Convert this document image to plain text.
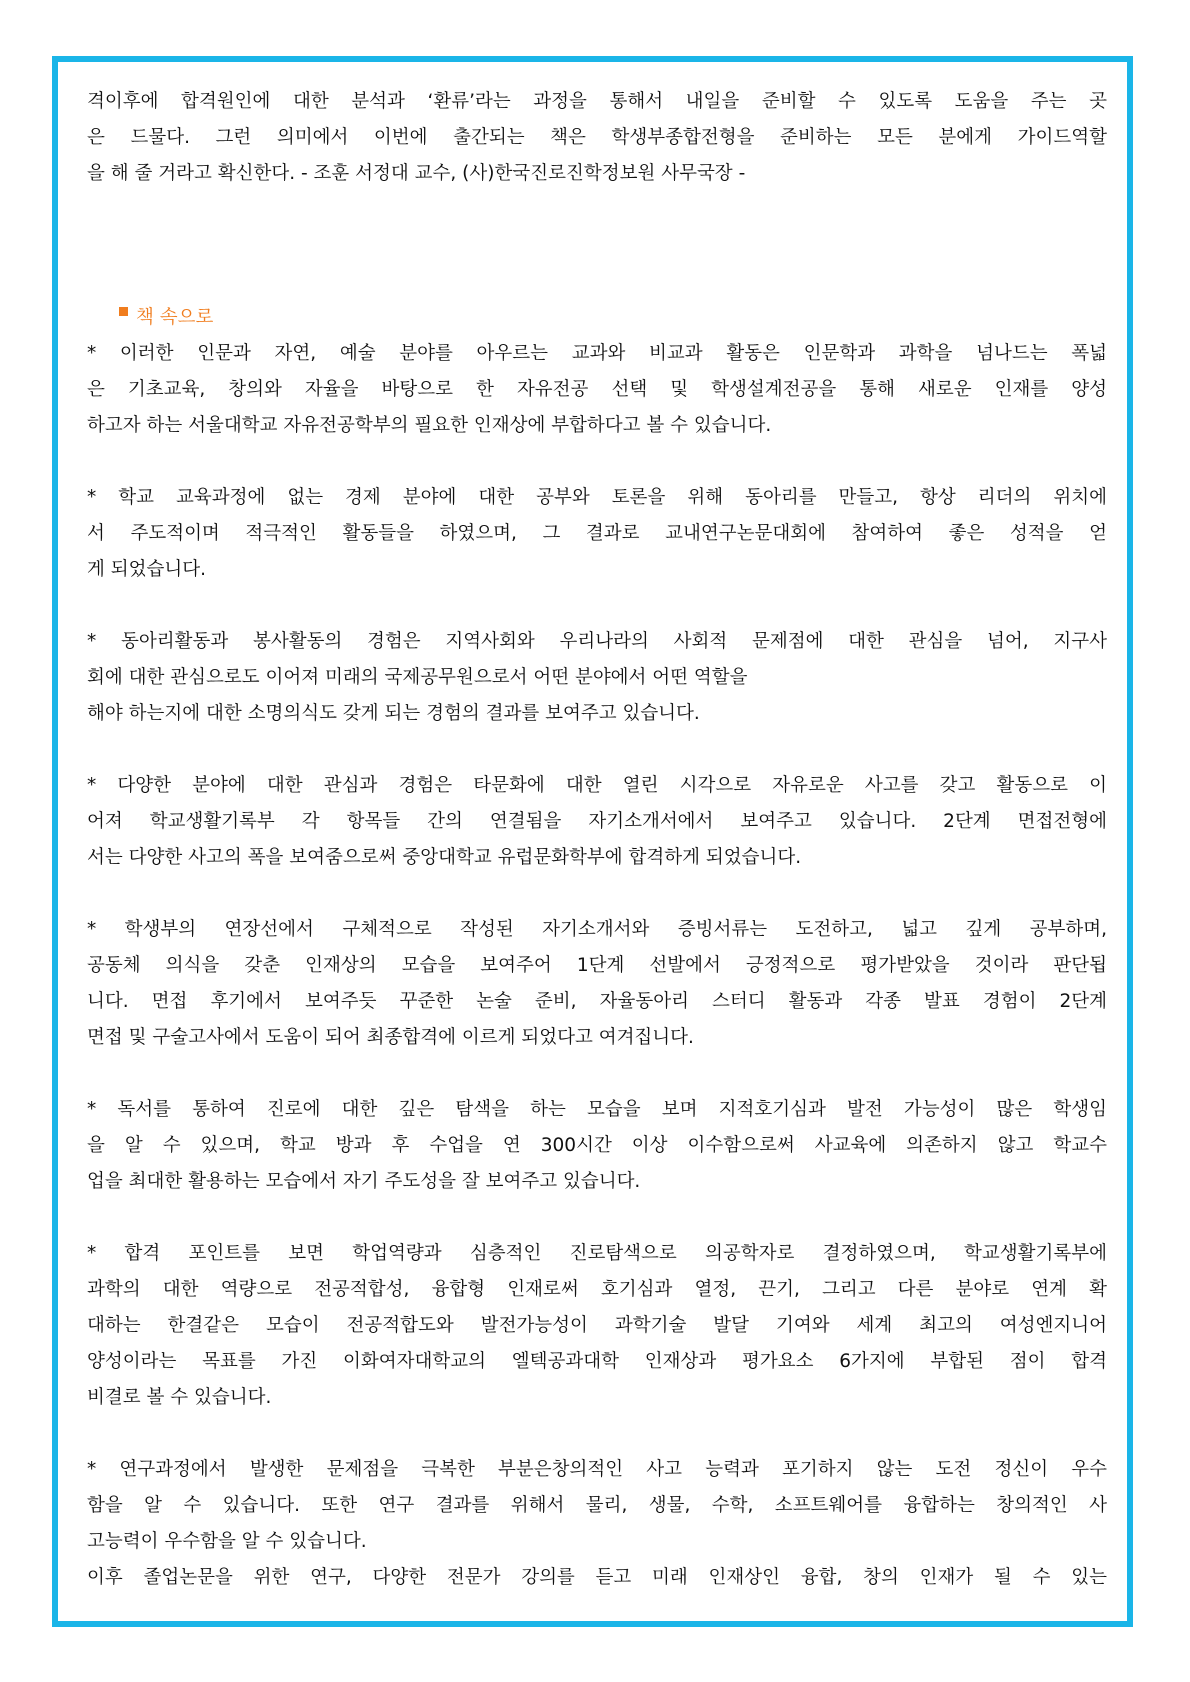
격이후에 합격원인에 대한 분석과 ‘환류’라는 과정을 통해서 내일을 준비할 수 있도록 도움을 주는 곳
은 드물다. 그런 의미에서 이번에 출간되는 책은 학생부종합전형을 준비하는 모든 분에게 가이드역할
을 해 줄 거라고 확신한다. - 조훈 서정대 교수, (사)한국진로진학정보원 사무국장 -
책 속으로
* 이러한 인문과 자연, 예술 분야를 아우르는 교과와 비교과 활동은 인문학과 과학을 넘나드는 폭넓
은 기초교육, 창의와 자율을 바탕으로 한 자유전공 선택 및 학생설계전공을 통해 새로운 인재를 양성
하고자 하는 서울대학교 자유전공학부의 필요한 인재상에 부합하다고 볼 수 있습니다.
* 학교 교육과정에 없는 경제 분야에 대한 공부와 토론을 위해 동아리를 만들고, 항상 리더의 위치에
서 주도적이며 적극적인 활동들을 하였으며, 그 결과로 교내연구논문대회에 참여하여 좋은 성적을 얻
게 되었습니다.
* 동아리활동과 봉사활동의 경험은 지역사회와 우리나라의 사회적 문제점에 대한 관심을 넘어, 지구사
회에 대한 관심으로도 이어져 미래의 국제공무원으로서 어떤 분야에서 어떤 역할을
해야 하는지에 대한 소명의식도 갖게 되는 경험의 결과를 보여주고 있습니다.
* 다양한 분야에 대한 관심과 경험은 타문화에 대한 열린 시각으로 자유로운 사고를 갖고 활동으로 이
어져 학교생활기록부 각 항목들 간의 연결됨을 자기소개서에서 보여주고 있습니다. 2단계 면접전형에
서는 다양한 사고의 폭을 보여줌으로써 중앙대학교 유럽문화학부에 합격하게 되었습니다.
* 학생부의 연장선에서 구체적으로 작성된 자기소개서와 증빙서류는 도전하고, 넓고 깊게 공부하며,
공동체 의식을 갖춘 인재상의 모습을 보여주어 1단계 선발에서 긍정적으로 평가받았을 것이라 판단됩
니다. 면접 후기에서 보여주듯 꾸준한 논술 준비, 자율동아리 스터디 활동과 각종 발표 경험이 2단계
면접 및 구술고사에서 도움이 되어 최종합격에 이르게 되었다고 여겨집니다.
* 독서를 통하여 진로에 대한 깊은 탐색을 하는 모습을 보며 지적호기심과 발전 가능성이 많은 학생임
을 알 수 있으며, 학교 방과 후 수업을 연 300시간 이상 이수함으로써 사교육에 의존하지 않고 학교수
업을 최대한 활용하는 모습에서 자기 주도성을 잘 보여주고 있습니다.
* 합격 포인트를 보면 학업역량과 심층적인 진로탐색으로 의공학자로 결정하였으며, 학교생활기록부에
과학의 대한 역량으로 전공적합성, 융합형 인재로써 호기심과 열정, 끈기, 그리고 다른 분야로 연계 확
대하는 한결같은 모습이 전공적합도와 발전가능성이 과학기술 발달 기여와 세계 최고의 여성엔지니어
양성이라는 목표를 가진 이화여자대학교의 엘텍공과대학 인재상과 평가요소 6가지에 부합된 점이 합격
비결로 볼 수 있습니다.
* 연구과정에서 발생한 문제점을 극복한 부분은창의적인 사고 능력과 포기하지 않는 도전 정신이 우수
함을 알 수 있습니다. 또한 연구 결과를 위해서 물리, 생물, 수학, 소프트웨어를 융합하는 창의적인 사
고능력이 우수함을 알 수 있습니다.
이후 졸업논문을 위한 연구, 다양한 전문가 강의를 듣고 미래 인재상인 융합, 창의 인재가 될 수 있는
